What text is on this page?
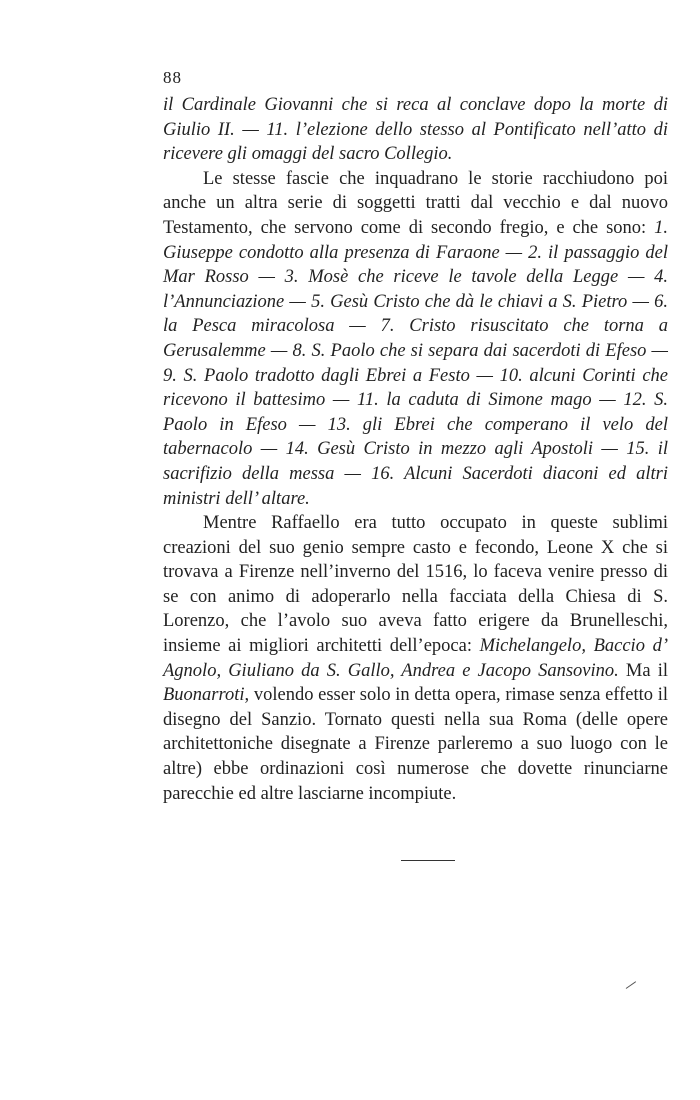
88

il Cardinale Giovanni che si reca al conclave dopo la morte di Giulio II. — 11. l’elezione dello stesso al Pontificato nell’atto di ricevere gli omaggi del sacro Collegio.

Le stesse fascie che inquadrano le storie racchiudono poi anche un altra serie di soggetti tratti dal vecchio e dal nuovo Testamento, che servono come di secondo fregio, e che sono: 1. Giuseppe condotto alla presenza di Faraone — 2. il passaggio del Mar Rosso — 3. Mosè che riceve le tavole della Legge — 4. l’Annunciazione — 5. Gesù Cristo che dà le chiavi a S. Pietro — 6. la Pesca miracolosa — 7. Cristo risuscitato che torna a Gerusalemme — 8. S. Paolo che si separa dai sacerdoti di Efeso — 9. S. Paolo tradotto dagli Ebrei a Festo — 10. alcuni Corinti che ricevono il battesimo — 11. la caduta di Simone mago — 12. S. Paolo in Efeso — 13. gli Ebrei che comperano il velo del tabernacolo — 14. Gesù Cristo in mezzo agli Apostoli — 15. il sacrifizio della messa — 16. Alcuni Sacerdoti diaconi ed altri ministri dell’ altare.

Mentre Raffaello era tutto occupato in queste sublimi creazioni del suo genio sempre casto e fecondo, Leone X che si trovava a Firenze nell’inverno del 1516, lo faceva venire presso di se con animo di adoperarlo nella facciata della Chiesa di S. Lorenzo, che l’avolo suo aveva fatto erigere da Brunelleschi, insieme ai migliori architetti dell’epoca: Michelangelo, Baccio d’ Agnolo, Giuliano da S. Gallo, Andrea e Jacopo Sansovino. Ma il Buonarroti, volendo esser solo in detta opera, rimase senza effetto il disegno del Sanzio. Tornato questi nella sua Roma (delle opere architettoniche disegnate a Firenze parleremo a suo luogo con le altre) ebbe ordinazioni così numerose che dovette rinunciarne parecchie ed altre lasciarne incompiute.
